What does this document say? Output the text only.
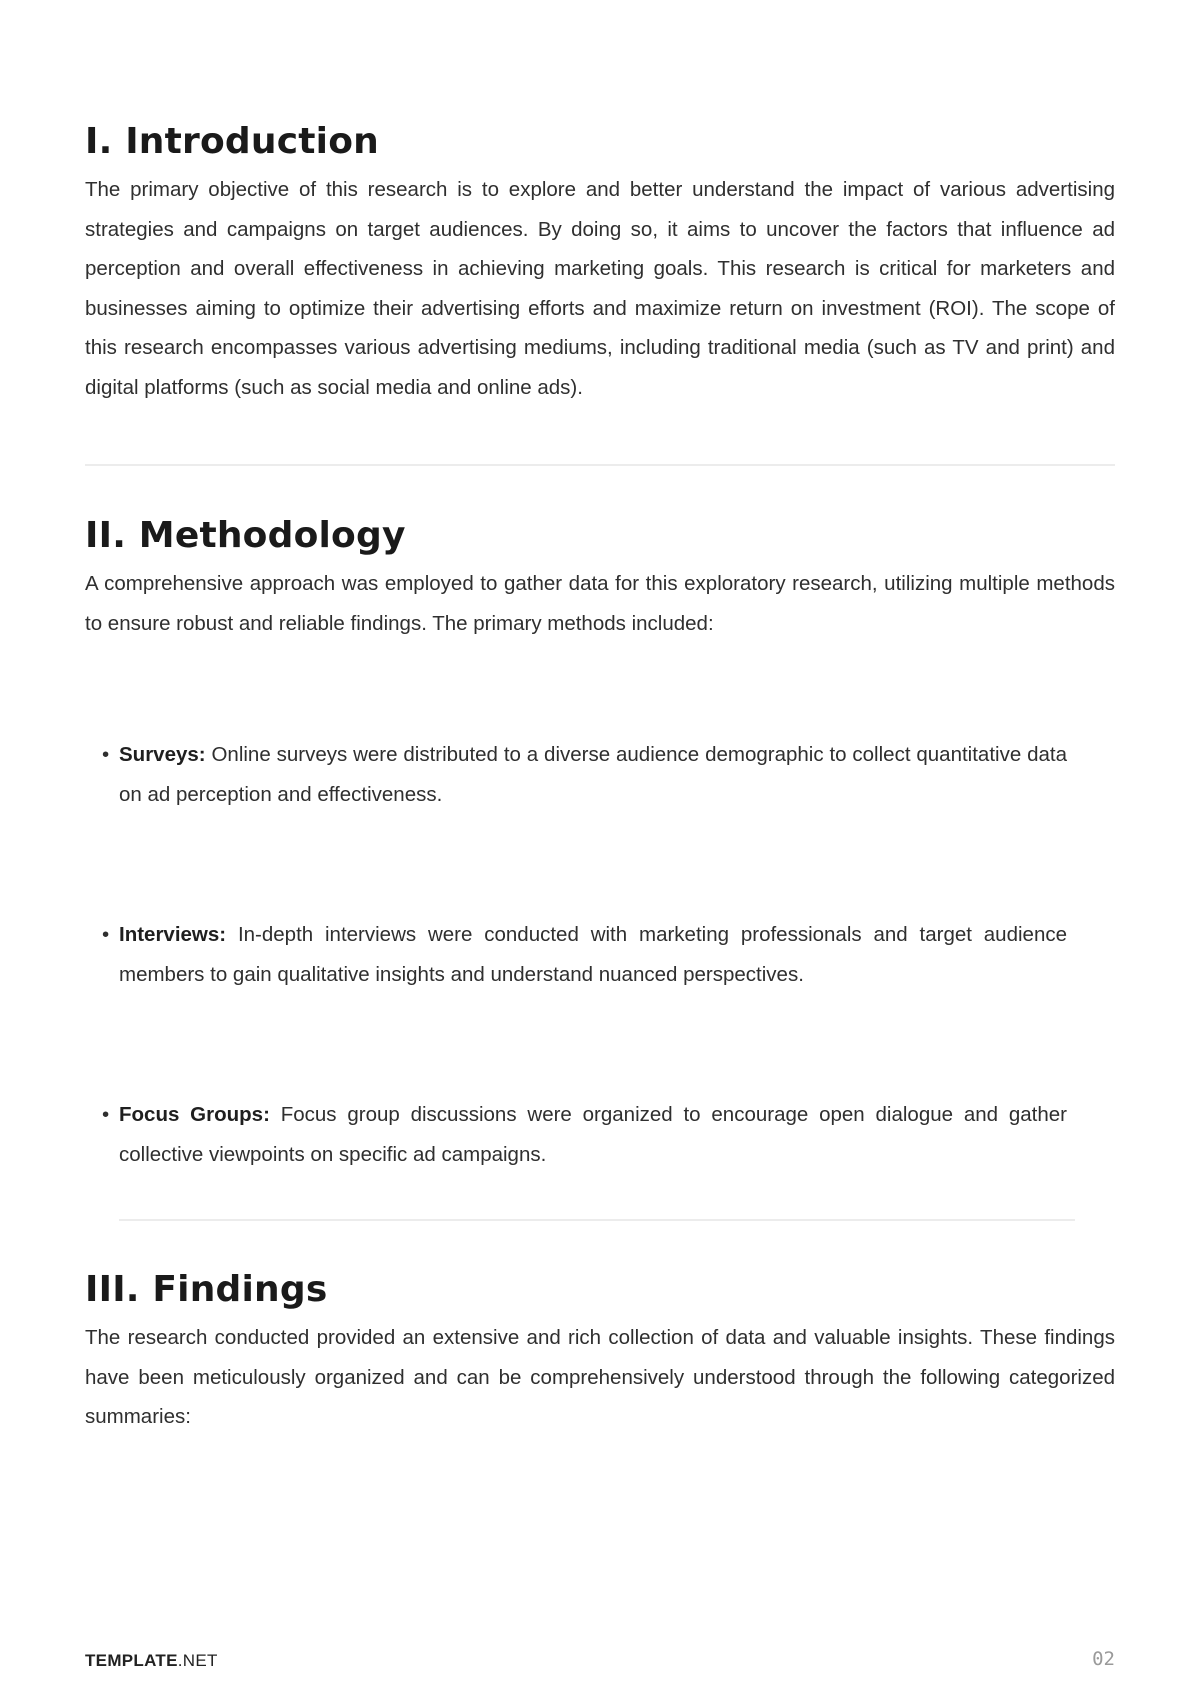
I. Introduction

The primary objective of this research is to explore and better understand the impact of various advertising strategies and campaigns on target audiences. By doing so, it aims to uncover the factors that influence ad perception and overall effectiveness in achieving marketing goals. This research is critical for marketers and businesses aiming to optimize their advertising efforts and maximize return on investment (ROI). The scope of this research encompasses various advertising mediums, including traditional media (such as TV and print) and digital platforms (such as social media and online ads).

II. Methodology

A comprehensive approach was employed to gather data for this exploratory research, utilizing multiple methods to ensure robust and reliable findings. The primary methods included:

• Surveys: Online surveys were distributed to a diverse audience demographic to collect quantitative data on ad perception and effectiveness.
• Interviews: In-depth interviews were conducted with marketing professionals and target audience members to gain qualitative insights and understand nuanced perspectives.
• Focus Groups: Focus group discussions were organized to encourage open dialogue and gather collective viewpoints on specific ad campaigns.
III. Findings

The research conducted provided an extensive and rich collection of data and valuable insights. These findings have been meticulously organized and can be comprehensively understood through the following categorized summaries:

TEMPLATE.NET	02
